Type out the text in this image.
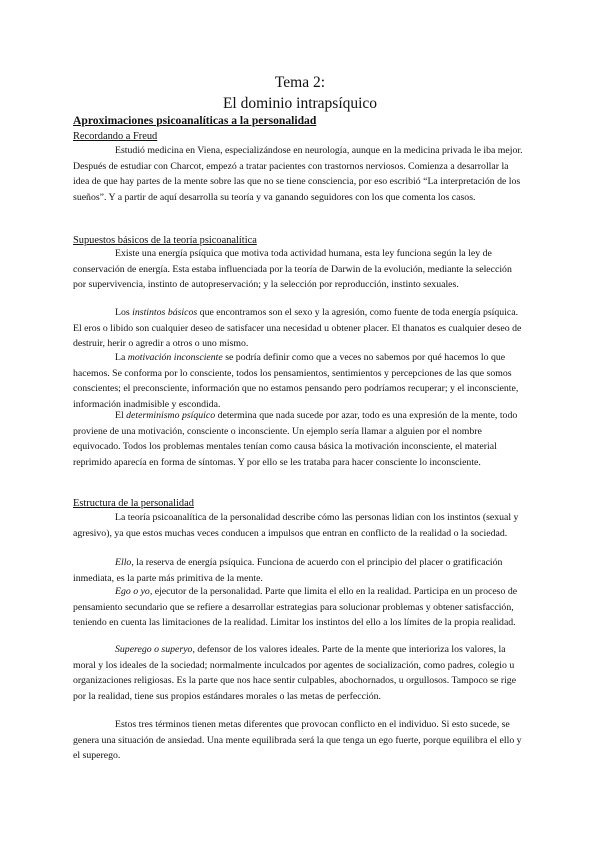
Tema 2:
El dominio intrapsíquico
Aproximaciones psicoanalíticas a la personalidad
Recordando a Freud

Estudió medicina en Viena, especializándose en neurología, aunque en la medicina privada le iba mejor. Después de estudiar con Charcot, empezó a tratar pacientes con trastornos nerviosos. Comienza a desarrollar la idea de que hay partes de la mente sobre las que no se tiene consciencia, por eso escribió “La interpretación de los sueños”. Y a partir de aquí desarrolla su teoría y va ganando seguidores con los que comenta los casos.

Supuestos básicos de la teoría psicoanalítica

Existe una energía psíquica que motiva toda actividad humana, esta ley funciona según la ley de conservación de energía. Esta estaba influenciada por la teoría de Darwin de la evolución, mediante la selección por supervivencia, instinto de autopreservación; y la selección por reproducción, instinto sexuales.

Los instintos básicos que encontramos son el sexo y la agresión, como fuente de toda energía psíquica. El eros o libido son cualquier deseo de satisfacer una necesidad u obtener placer. El thanatos es cualquier deseo de destruir, herir o agredir a otros o uno mismo.

La motivación inconsciente se podría definir como que a veces no sabemos por qué hacemos lo que hacemos. Se conforma por lo consciente, todos los pensamientos, sentimientos y percepciones de las que somos conscientes; el preconsciente, información que no estamos pensando pero podríamos recuperar; y el inconsciente, información inadmisible y escondida.

El determinismo psíquico determina que nada sucede por azar, todo es una expresión de la mente, todo proviene de una motivación, consciente o inconsciente. Un ejemplo sería llamar a alguien por el nombre equivocado. Todos los problemas mentales tenían como causa básica la motivación inconsciente, el material reprimido aparecía en forma de síntomas. Y por ello se les trataba para hacer consciente lo inconsciente.

Estructura de la personalidad

La teoría psicoanalítica de la personalidad describe cómo las personas lidian con los instintos (sexual y agresivo), ya que estos muchas veces conducen a impulsos que entran en conflicto de la realidad o la sociedad.

Ello, la reserva de energía psíquica. Funciona de acuerdo con el principio del placer o gratificación inmediata, es la parte más primitiva de la mente.

Ego o yo, ejecutor de la personalidad. Parte que limita el ello en la realidad. Participa en un proceso de pensamiento secundario que se refiere a desarrollar estrategias para solucionar problemas y obtener satisfacción, teniendo en cuenta las limitaciones de la realidad. Limitar los instintos del ello a los límites de la propia realidad.

Superego o superyo, defensor de los valores ideales. Parte de la mente que interioriza los valores, la moral y los ideales de la sociedad; normalmente inculcados por agentes de socialización, como padres, colegio u organizaciones religiosas. Es la parte que nos hace sentir culpables, abochornados, u orgullosos. Tampoco se rige por la realidad, tiene sus propios estándares morales o las metas de perfección.

Estos tres términos tienen metas diferentes que provocan conflicto en el individuo. Si esto sucede, se genera una situación de ansiedad. Una mente equilibrada será la que tenga un ego fuerte, porque equilibra el ello y el superego.
